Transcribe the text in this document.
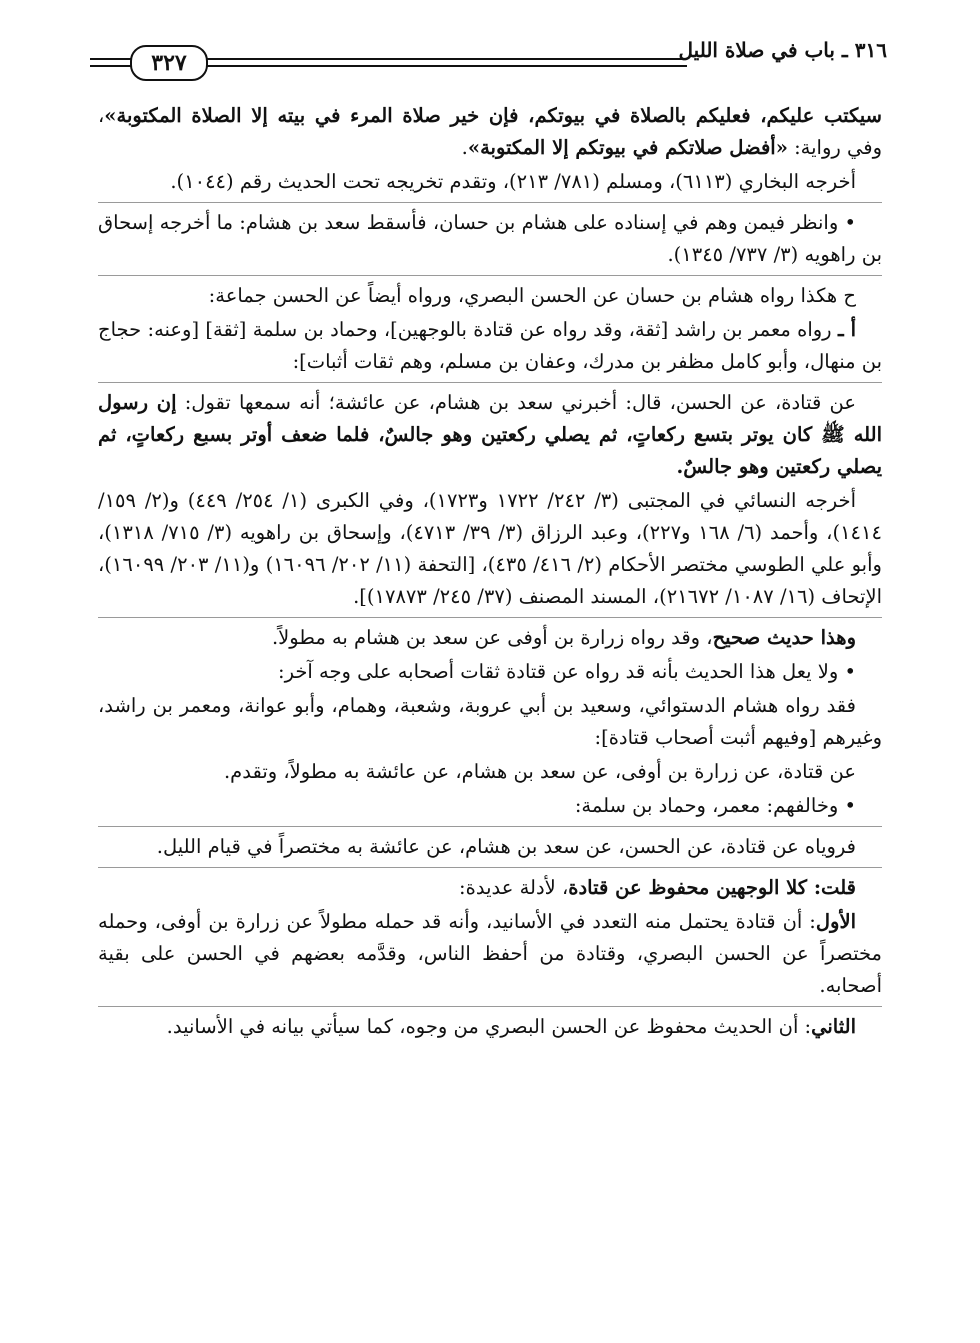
٣١٦ ـ باب في صلاة الليل
٣٢٧

سيكتب عليكم، فعليكم بالصلاة في بيوتكم، فإن خير صلاة المرء في بيته إلا الصلاة المكتوبة»، وفي رواية: «أفضل صلاتكم في بيوتكم إلا المكتوبة».

أخرجه البخاري (٦١١٣)، ومسلم (٧٨١/ ٢١٣)، وتقدم تخريجه تحت الحديث رقم (١٠٤٤).

• وانظر فيمن وهم في إسناده على هشام بن حسان، فأسقط سعد بن هشام: ما أخرجه إسحاق بن راهويه (٣/ ٧٣٧/ ١٣٤٥).

ح هكذا رواه هشام بن حسان عن الحسن البصري، ورواه أيضاً عن الحسن جماعة:

أ ـ رواه معمر بن راشد [ثقة، وقد رواه عن قتادة بالوجهين]، وحماد بن سلمة [ثقة] [وعنه: حجاج بن منهال، وأبو كامل مظفر بن مدرك، وعفان بن مسلم، وهم ثقات أثبات]:

عن قتادة، عن الحسن، قال: أخبرني سعد بن هشام، عن عائشة؛ أنه سمعها تقول: إن رسول الله ﷺ كان يوتر بتسع ركعاتٍ، ثم يصلي ركعتين وهو جالسٌ، فلما ضعف أوتر بسبع ركعاتٍ، ثم يصلي ركعتين وهو جالسٌ.

أخرجه النسائي في المجتبى (٣/ ٢٤٢/ ١٧٢٢ و١٧٢٣)، وفي الكبرى (١/ ٢٥٤/ ٤٤٩) و(٢/ ١٥٩/ ١٤١٤)، وأحمد (٦/ ١٦٨ و٢٢٧)، وعبد الرزاق (٣/ ٣٩/ ٤٧١٣)، وإسحاق بن راهويه (٣/ ٧١٥/ ١٣١٨)، وأبو علي الطوسي مختصر الأحكام (٢/ ٤١٦/ ٤٣٥)، [التحفة (١١/ ٢٠٢/ ١٦٠٩٦) و(١١/ ٢٠٣/ ١٦٠٩٩)، الإتحاف (١٦/ ١٠٨٧/ ٢١٦٧٢)، المسند المصنف (٣٧/ ٢٤٥/ ١٧٨٧٣)].

وهذا حديث صحيح، وقد رواه زرارة بن أوفى عن سعد بن هشام به مطولاً.

• ولا يعل هذا الحديث بأنه قد رواه عن قتادة ثقات أصحابه على وجه آخر:

فقد رواه هشام الدستوائي، وسعيد بن أبي عروبة، وشعبة، وهمام، وأبو عوانة، ومعمر بن راشد، وغيرهم [وفيهم أثبت أصحاب قتادة]:

عن قتادة، عن زرارة بن أوفى، عن سعد بن هشام، عن عائشة به مطولاً، وتقدم.

• وخالفهم: معمر، وحماد بن سلمة:

فروياه عن قتادة، عن الحسن، عن سعد بن هشام، عن عائشة به مختصراً في قيام الليل.

قلت: كلا الوجهين محفوظ عن قتادة، لأدلة عديدة:

الأول: أن قتادة يحتمل منه التعدد في الأسانيد، وأنه قد حمله مطولاً عن زرارة بن أوفى، وحمله مختصراً عن الحسن البصري، وقتادة من أحفظ الناس، وقدَّمه بعضهم في الحسن على بقية أصحابه.

الثاني: أن الحديث محفوظ عن الحسن البصري من وجوه، كما سيأتي بيانه في الأسانيد.
